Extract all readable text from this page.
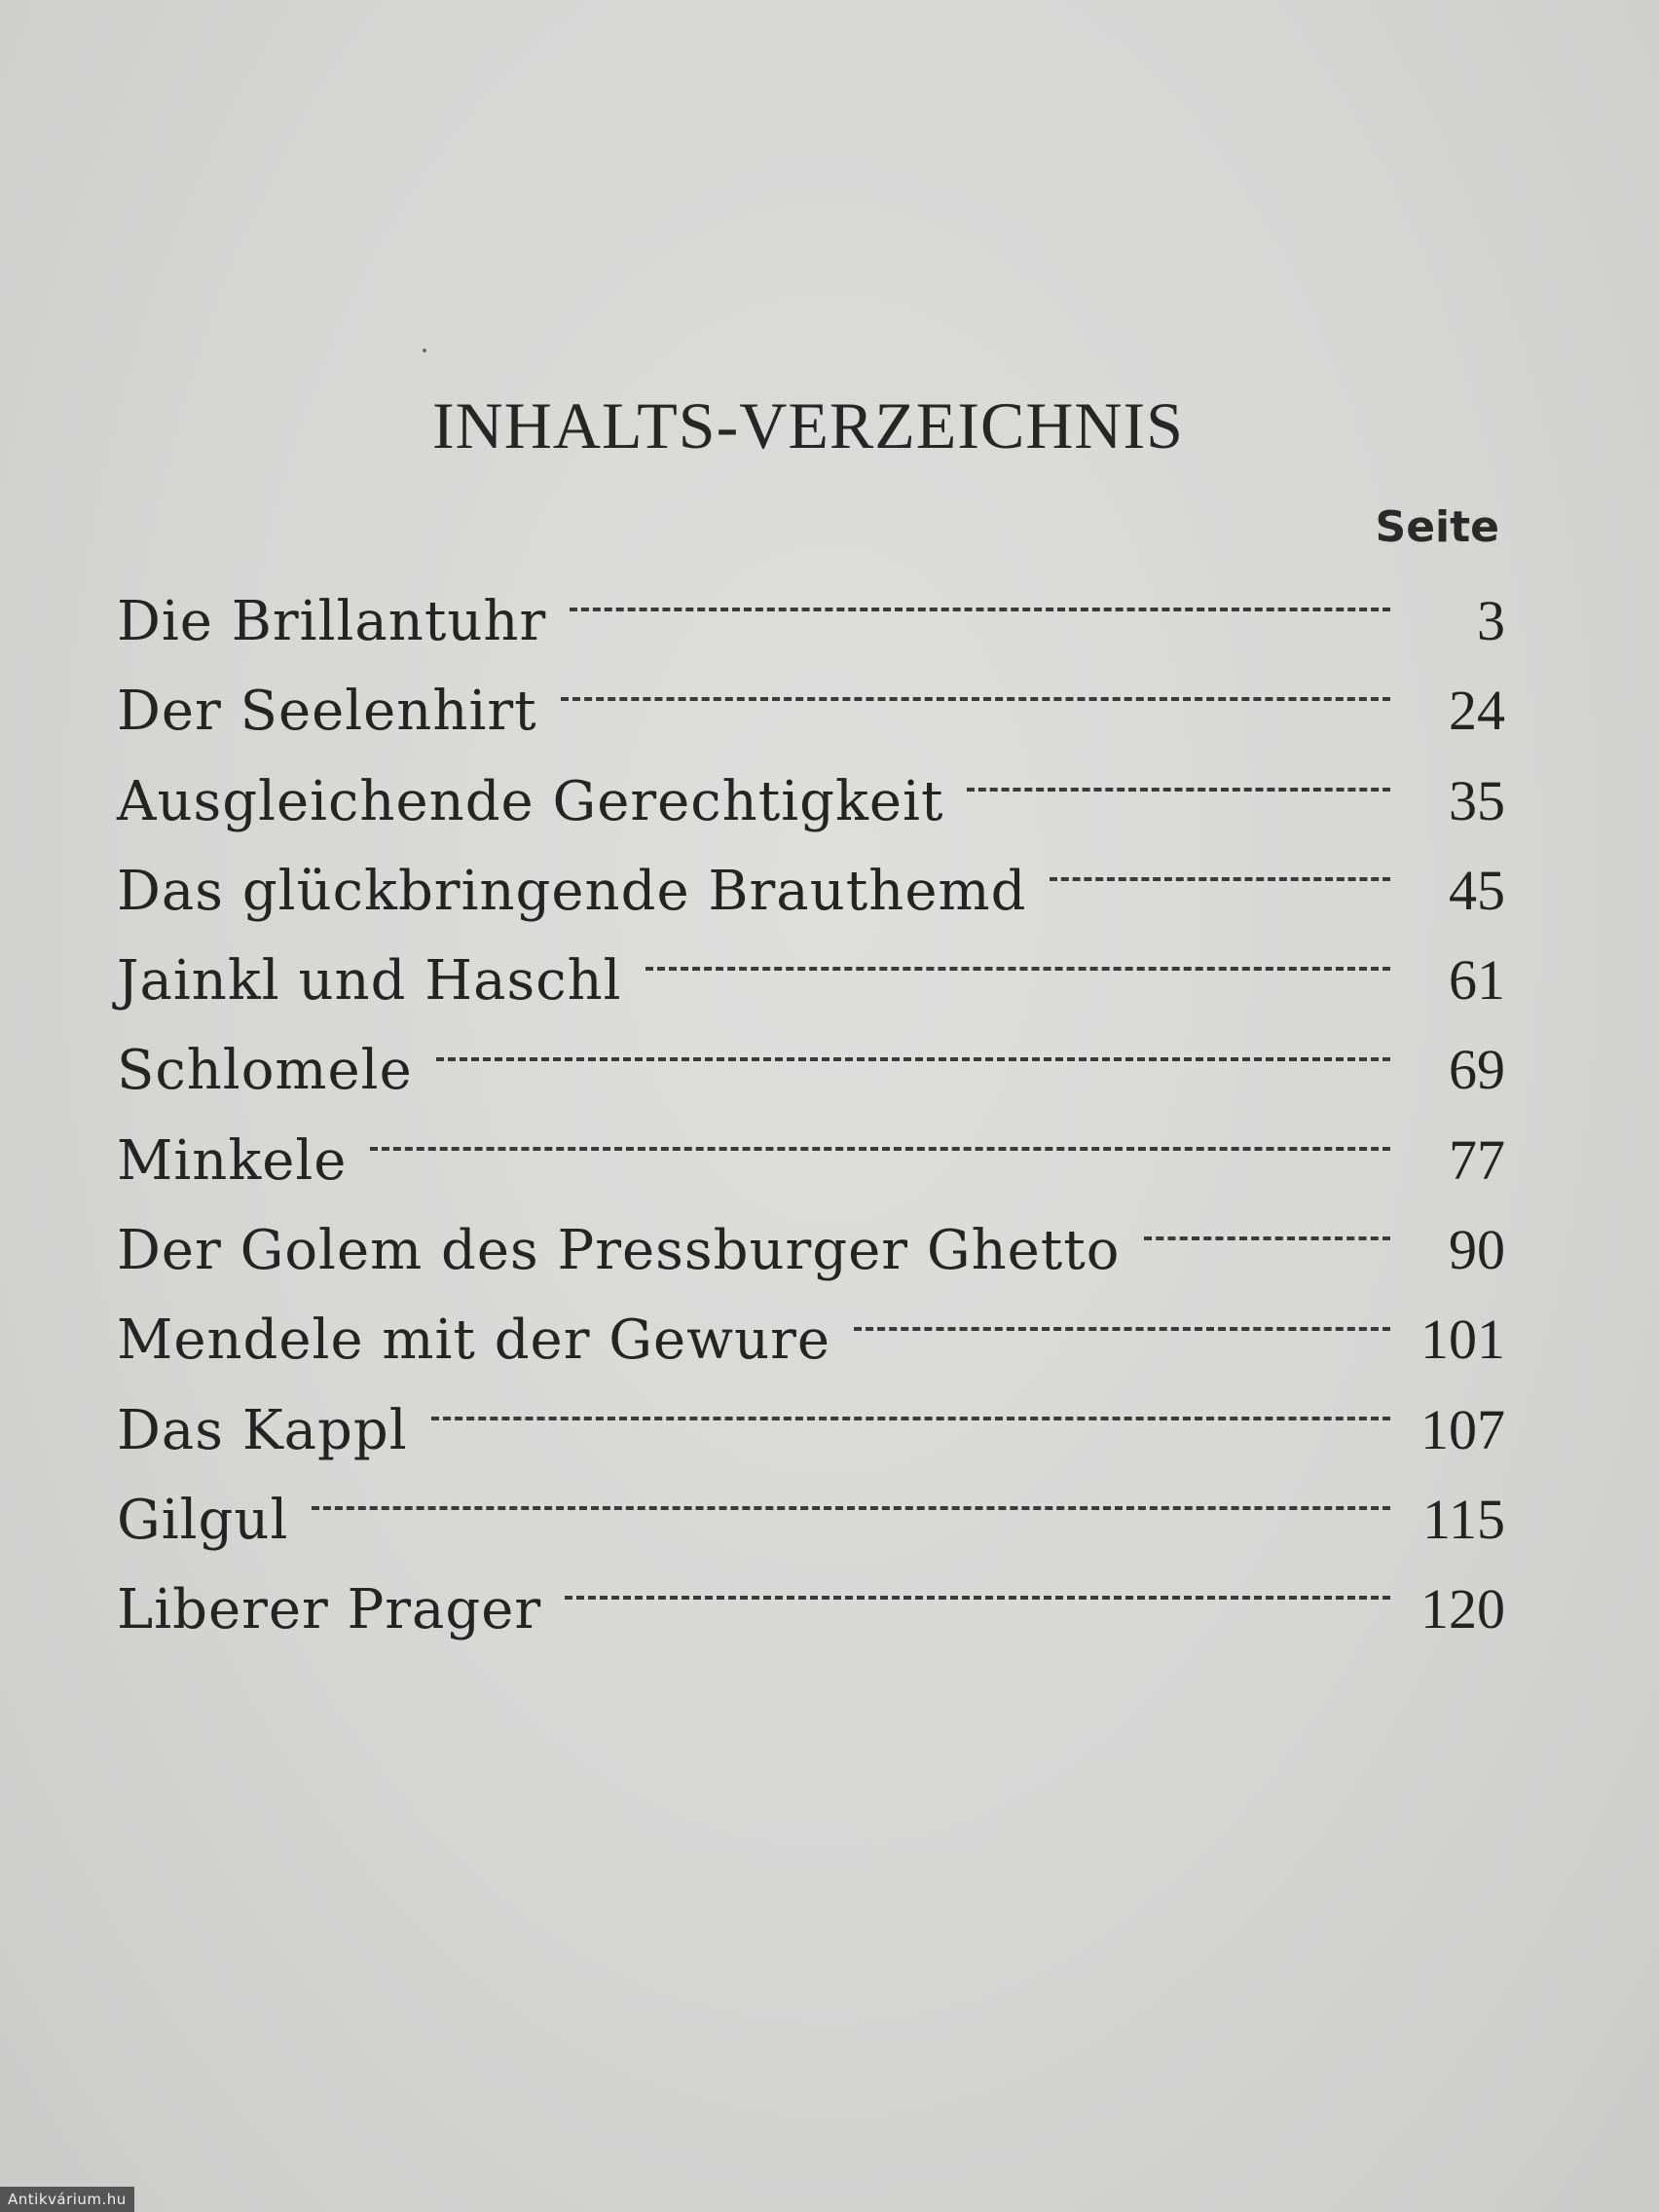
INHALTS-VERZEICHNIS
Seite
Die Brillantuhr	3
Der Seelenhirt	24
Ausgleichende Gerechtigkeit	35
Das glückbringende Brauthemd	45
Jainkl und Haschl	61
Schlomele	69
Minkele	77
Der Golem des Pressburger Ghetto	90
Mendele mit der Gewure	101
Das Kappl	107
Gilgul	115
Liberer Prager	120
Antikvárium.hu
